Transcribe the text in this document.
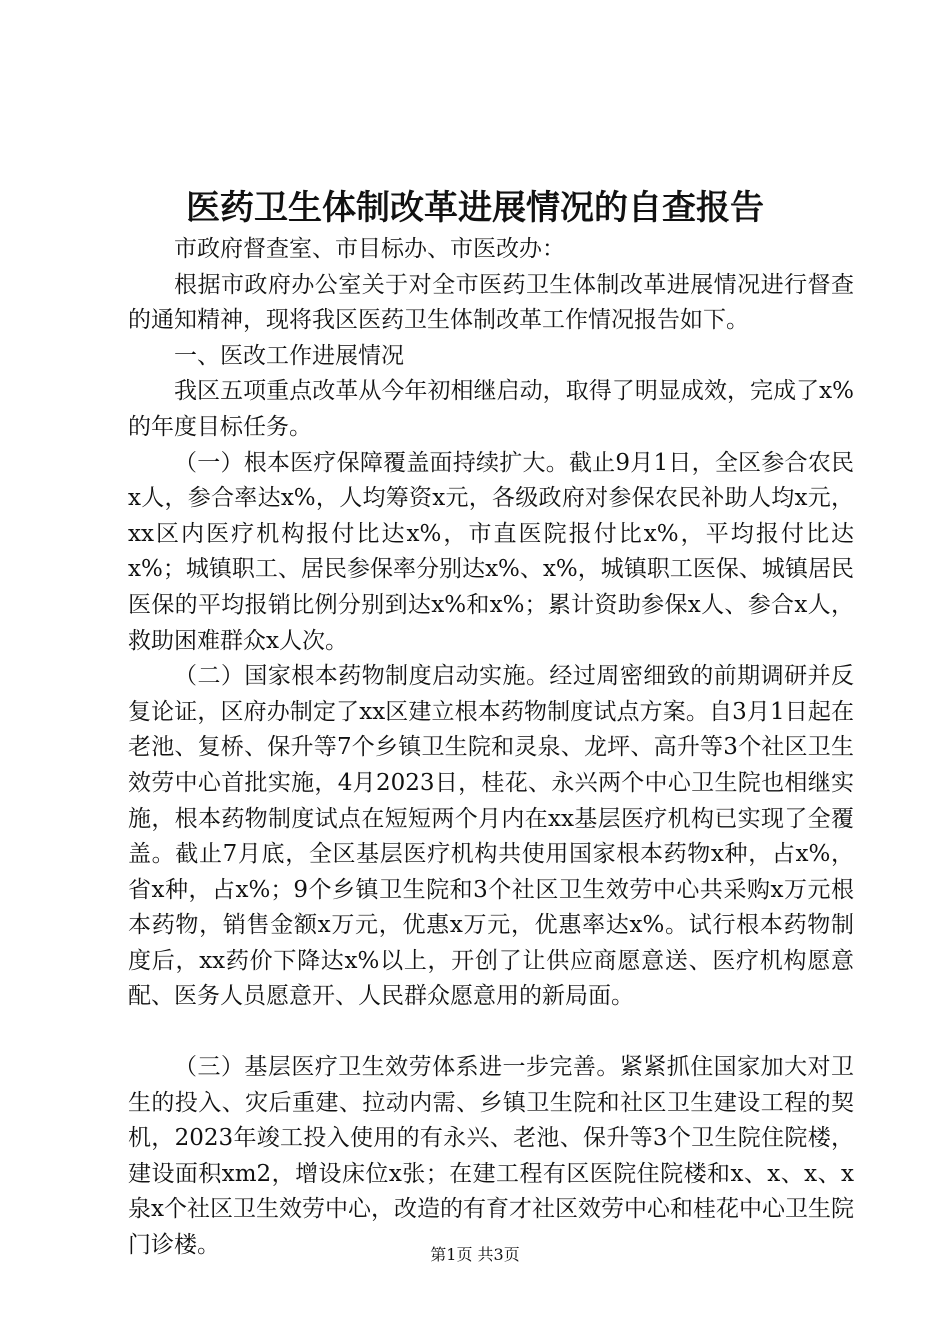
医药卫生体制改革进展情况的自查报告

市政府督查室、市目标办、市医改办：

根据市政府办公室关于对全市医药卫生体制改革进展情况进行督查的通知精神，现将我区医药卫生体制改革工作情况报告如下。

一、医改工作进展情况

我区五项重点改革从今年初相继启动，取得了明显成效，完成了x%的年度目标任务。

（一）根本医疗保障覆盖面持续扩大。截止9月1日，全区参合农民x人，参合率达x%，人均筹资x元，各级政府对参保农民补助人均x元，xx区内医疗机构报付比达x%，市直医院报付比x%，平均报付比达x%；城镇职工、居民参保率分别达x%、x%，城镇职工医保、城镇居民医保的平均报销比例分别到达x%和x%；累计资助参保x人、参合x人，救助困难群众x人次。

（二）国家根本药物制度启动实施。经过周密细致的前期调研并反复论证，区府办制定了xx区建立根本药物制度试点方案。自3月1日起在老池、复桥、保升等7个乡镇卫生院和灵泉、龙坪、高升等3个社区卫生效劳中心首批实施，4月2023日，桂花、永兴两个中心卫生院也相继实施，根本药物制度试点在短短两个月内在xx基层医疗机构已实现了全覆盖。截止7月底，全区基层医疗机构共使用国家根本药物x种，占x%，省x种，占x%；9个乡镇卫生院和3个社区卫生效劳中心共采购x万元根本药物，销售金额x万元，优惠x万元，优惠率达x%。试行根本药物制度后，xx药价下降达x%以上，开创了让供应商愿意送、医疗机构愿意配、医务人员愿意开、人民群众愿意用的新局面。

（三）基层医疗卫生效劳体系进一步完善。紧紧抓住国家加大对卫生的投入、灾后重建、拉动内需、乡镇卫生院和社区卫生建设工程的契机，2023年竣工投入使用的有永兴、老池、保升等3个卫生院住院楼，建设面积xm2，增设床位x张；在建工程有区医院住院楼和x、x、x、x泉x个社区卫生效劳中心，改造的有育才社区效劳中心和桂花中心卫生院门诊楼。	第1页 共3页
